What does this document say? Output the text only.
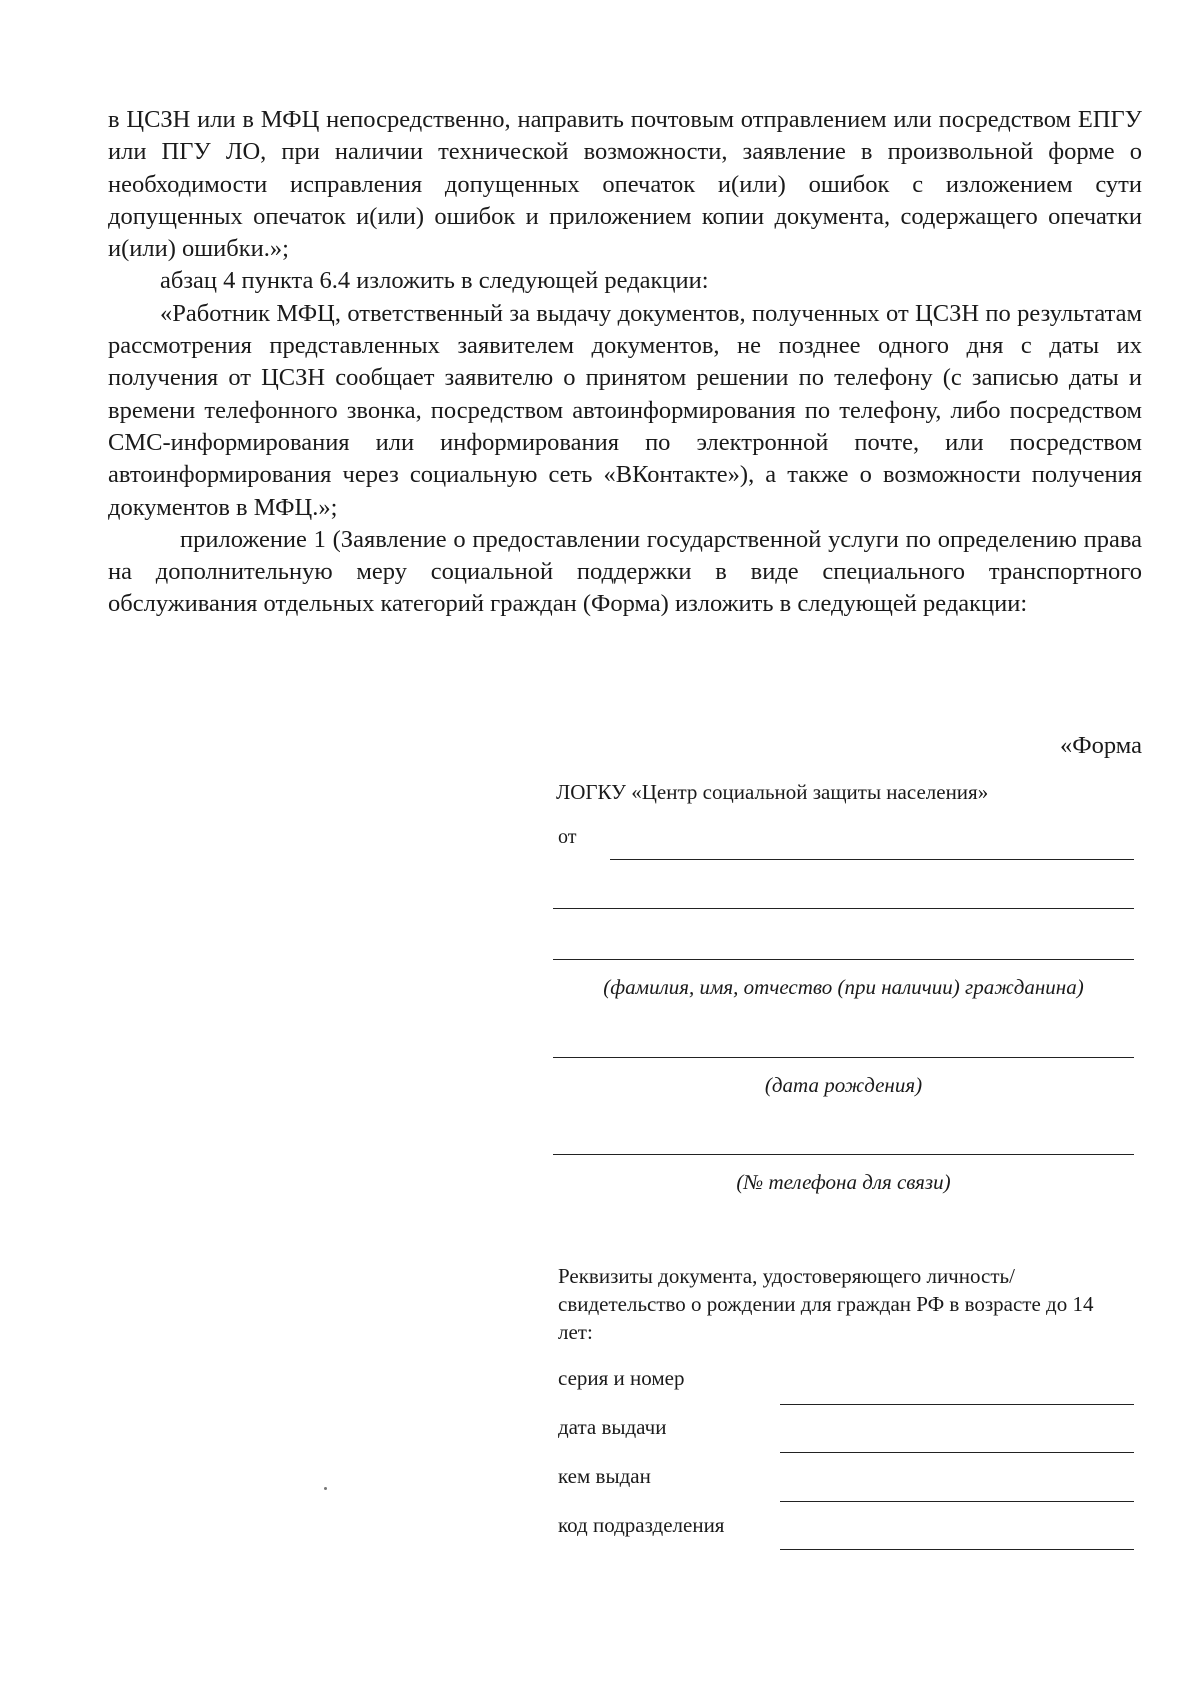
в ЦСЗН или в МФЦ непосредственно, направить почтовым отправлением или посредством ЕПГУ или ПГУ ЛО, при наличии технической возможности, заявление в произвольной форме о необходимости исправления допущенных опечаток и(или) ошибок с изложением сути допущенных опечаток и(или) ошибок и приложением копии документа, содержащего опечатки и(или) ошибки.»;

абзац 4 пункта 6.4 изложить в следующей редакции:

«Работник МФЦ, ответственный за выдачу документов, полученных от ЦСЗН по результатам рассмотрения представленных заявителем документов, не позднее одного дня с даты их получения от ЦСЗН сообщает заявителю о принятом решении по телефону (с записью даты и времени телефонного звонка, посредством автоинформирования по телефону, либо посредством СМС-информирования или информирования по электронной почте, или посредством автоинформирования через социальную сеть «ВКонтакте»), а также о возможности получения документов в МФЦ.»;

приложение 1 (Заявление о предоставлении государственной услуги по определению права на дополнительную меру социальной поддержки в виде специального транспортного обслуживания отдельных категорий граждан (Форма) изложить в следующей редакции:

«Форма
ЛОГКУ «Центр социальной защиты населения»
от
(фамилия, имя, отчество (при наличии) гражданина)
(дата рождения)
(№ телефона для связи)
Реквизиты документа, удостоверяющего личность/свидетельство о рождении для граждан РФ в возрасте до 14 лет:
серия и номер
дата выдачи
кем выдан
код подразделения
